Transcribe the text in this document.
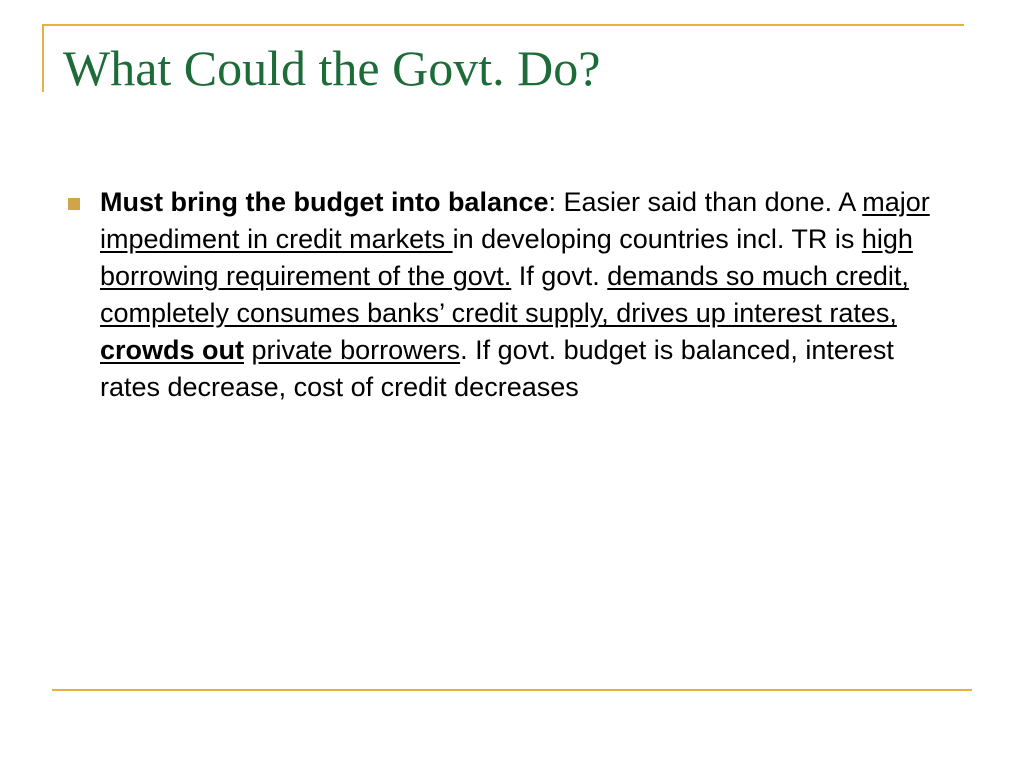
What Could the Govt. Do?
Must bring the budget into balance: Easier said than done. A major impediment in credit markets in developing countries incl. TR is high borrowing requirement of the govt. If govt. demands so much credit, completely consumes banks’ credit supply, drives up interest rates, crowds out private borrowers. If govt. budget is balanced, interest rates decrease, cost of credit decreases
